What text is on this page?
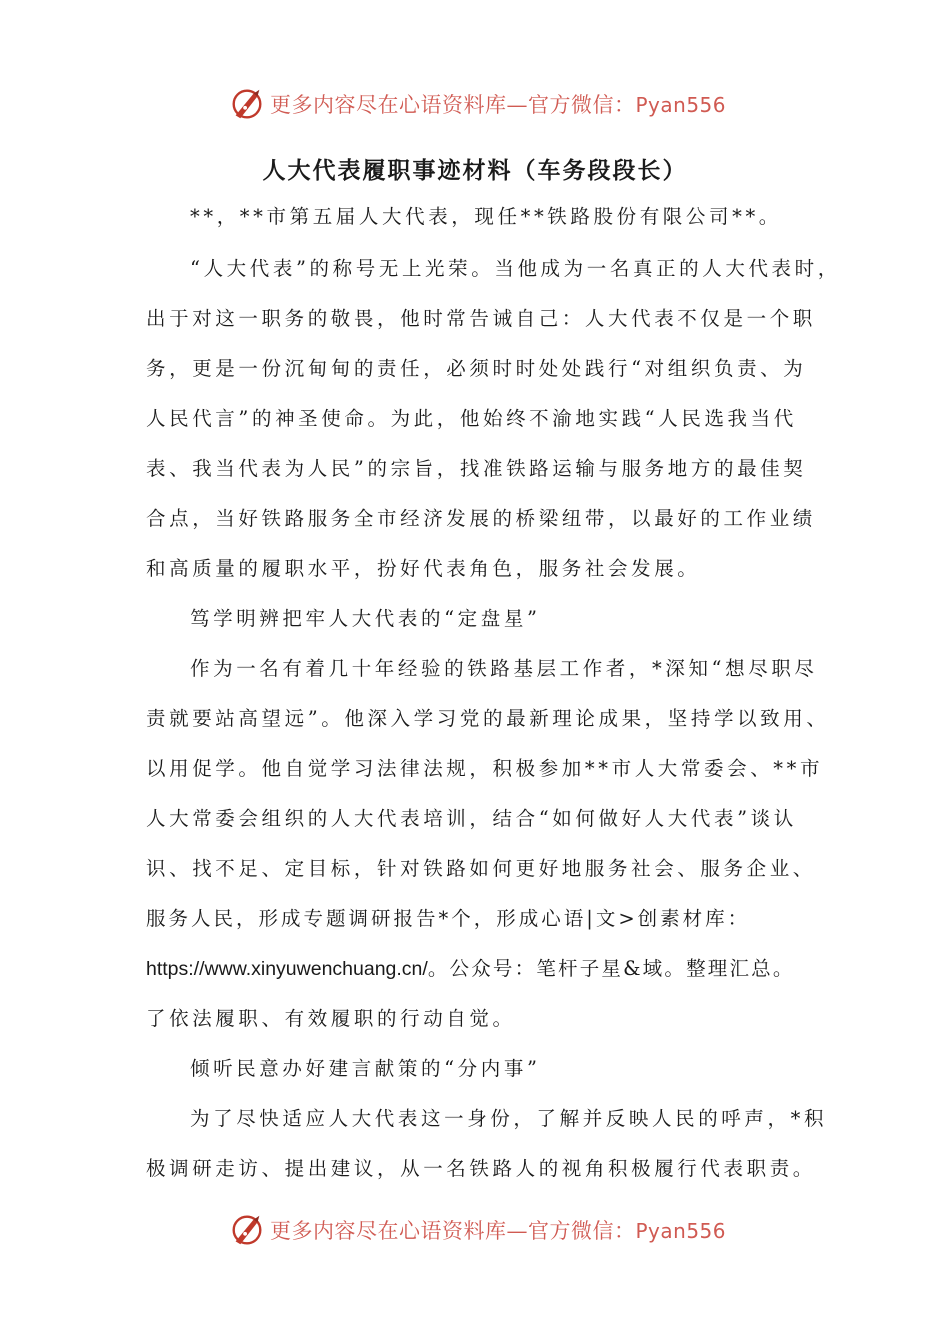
更多内容尽在心语资料库—官方微信：Pyan556
人大代表履职事迹材料（车务段段长）

**，**市第五届人大代表，现任**铁路股份有限公司**。

“人大代表”的称号无上光荣。当他成为一名真正的人大代表时，

出于对这一职务的敬畏，他时常告诫自己：人大代表不仅是一个职

务，更是一份沉甸甸的责任，必须时时处处践行“对组织负责、为

人民代言”的神圣使命。为此，他始终不渝地实践“人民选我当代

表、我当代表为人民”的宗旨，找准铁路运输与服务地方的最佳契

合点，当好铁路服务全市经济发展的桥梁纽带，以最好的工作业绩

和高质量的履职水平，扮好代表角色，服务社会发展。

笃学明辨把牢人大代表的“定盘星”

作为一名有着几十年经验的铁路基层工作者，*深知“想尽职尽

责就要站高望远”。他深入学习党的最新理论成果，坚持学以致用、

以用促学。他自觉学习法律法规，积极参加**市人大常委会、**市

人大常委会组织的人大代表培训，结合“如何做好人大代表”谈认

识、找不足、定目标，针对铁路如何更好地服务社会、服务企业、

服务人民，形成专题调研报告*个，形成心语|文>创素材库：

https://www.xinyuwenchuang.cn/。公众号：笔杆子星&域。整理汇总。

了依法履职、有效履职的行动自觉。

倾听民意办好建言献策的“分内事”

为了尽快适应人大代表这一身份，了解并反映人民的呼声，*积

极调研走访、提出建议，从一名铁路人的视角积极履行代表职责。

更多内容尽在心语资料库—官方微信：Pyan556
